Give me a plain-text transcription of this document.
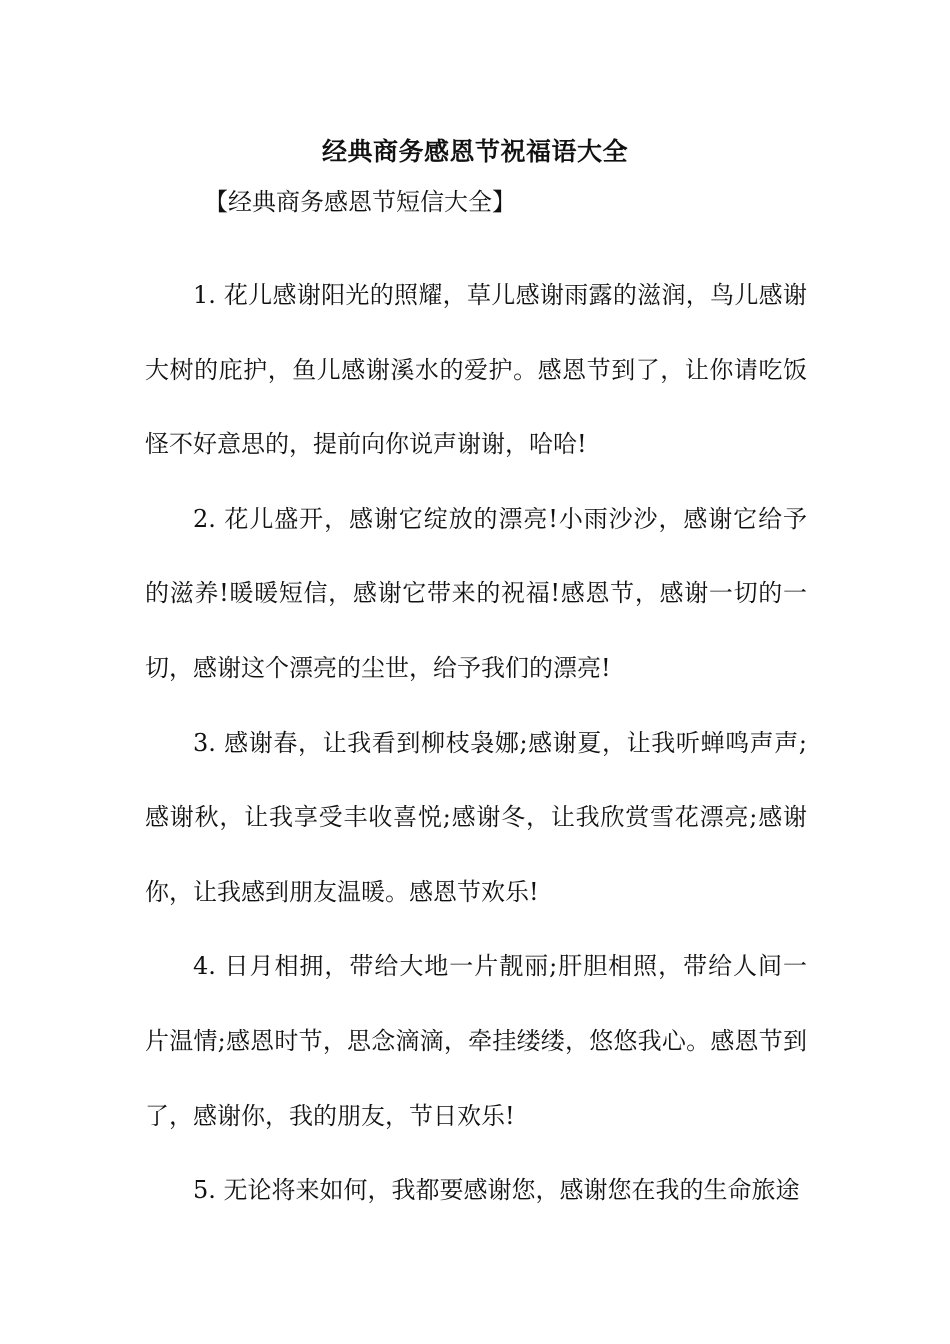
经典商务感恩节祝福语大全
【经典商务感恩节短信大全】

1. 花儿感谢阳光的照耀，草儿感谢雨露的滋润，鸟儿感谢大树的庇护，鱼儿感谢溪水的爱护。感恩节到了，让你请吃饭怪不好意思的，提前向你说声谢谢，哈哈!

2. 花儿盛开，感谢它绽放的漂亮!小雨沙沙，感谢它给予的滋养!暖暖短信，感谢它带来的祝福!感恩节，感谢一切的一切，感谢这个漂亮的尘世，给予我们的漂亮!

3. 感谢春，让我看到柳枝袅娜;感谢夏，让我听蝉鸣声声;感谢秋，让我享受丰收喜悦;感谢冬，让我欣赏雪花漂亮;感谢你，让我感到朋友温暖。感恩节欢乐!

4. 日月相拥，带给大地一片靓丽;肝胆相照，带给人间一片温情;感恩时节，思念滴滴，牵挂缕缕，悠悠我心。感恩节到了，感谢你，我的朋友，节日欢乐!

5. 无论将来如何，我都要感谢您，感谢您在我的生命旅途
